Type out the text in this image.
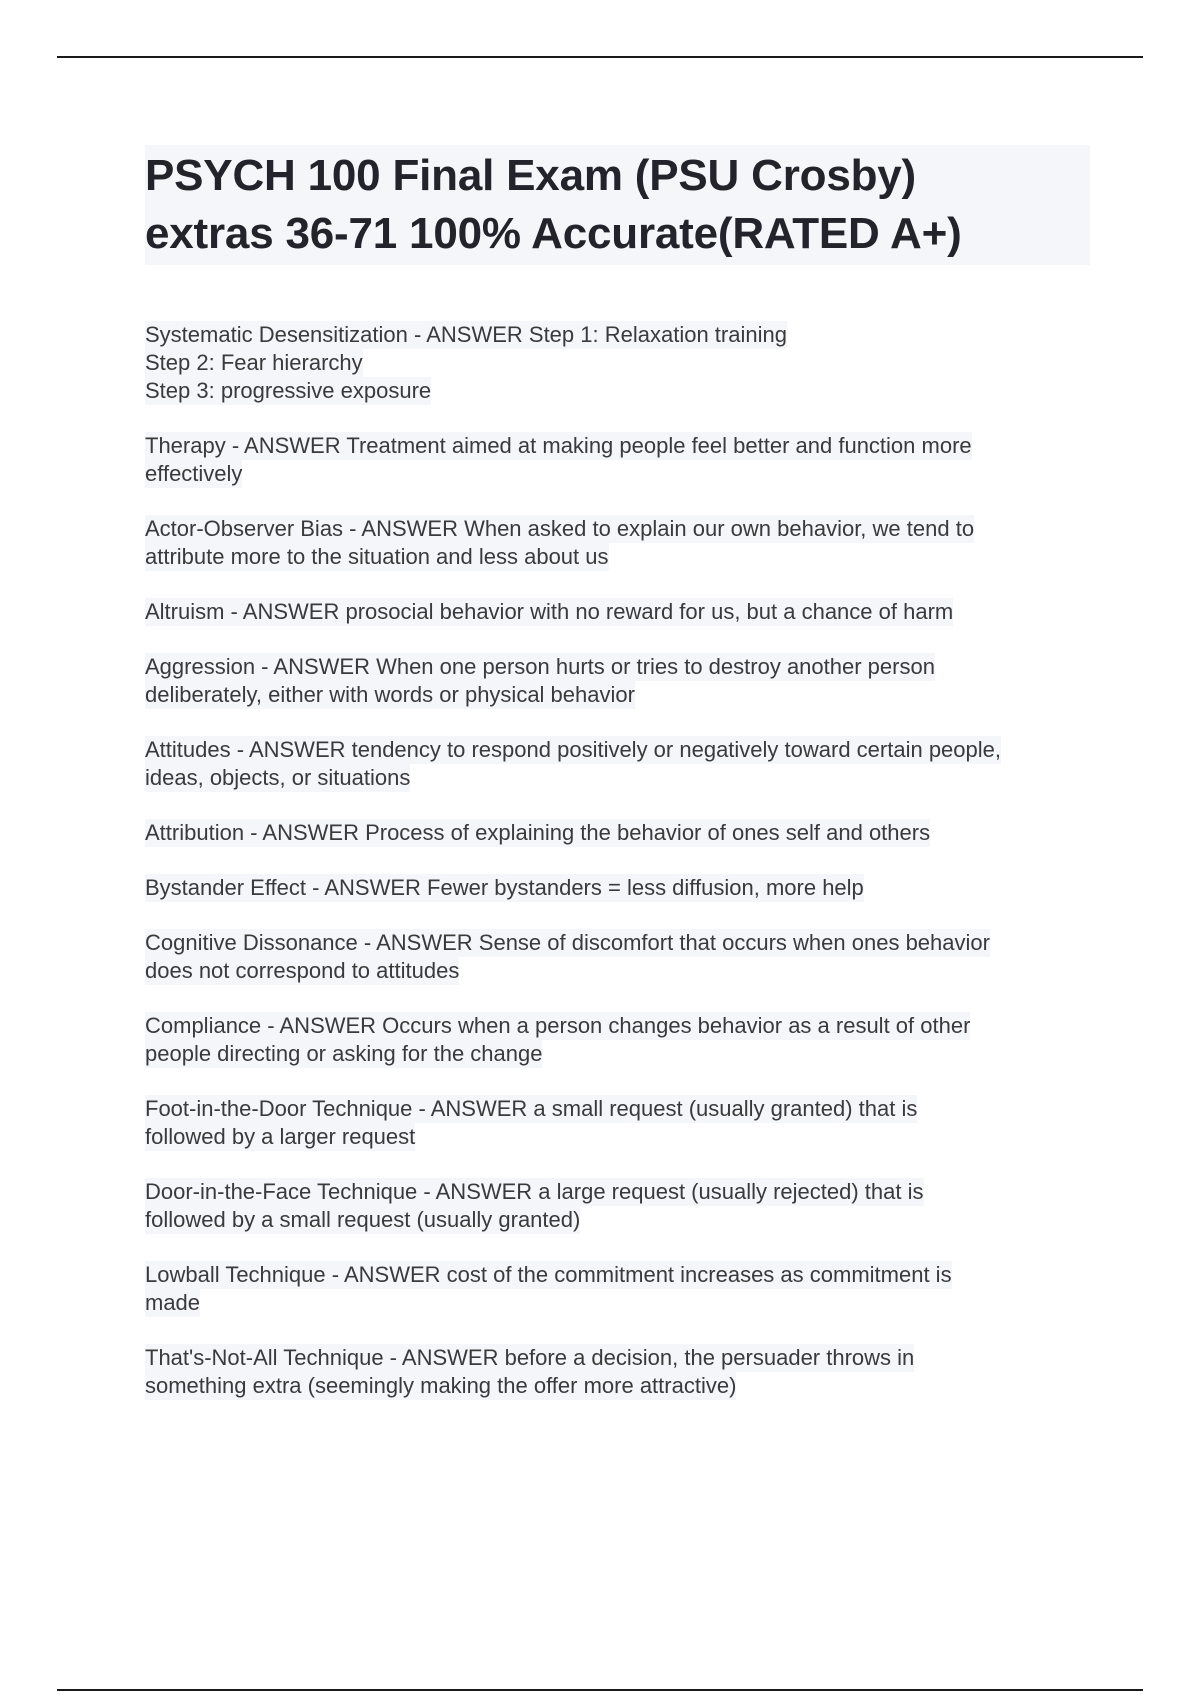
PSYCH 100 Final Exam (PSU Crosby)
extras 36-71 100% Accurate(RATED A+)
Systematic Desensitization - ANSWER Step 1: Relaxation training
Step 2: Fear hierarchy
Step 3: progressive exposure
Therapy - ANSWER Treatment aimed at making people feel better and function more
effectively
Actor-Observer Bias - ANSWER When asked to explain our own behavior, we tend to
attribute more to the situation and less about us
Altruism - ANSWER prosocial behavior with no reward for us, but a chance of harm
Aggression - ANSWER When one person hurts or tries to destroy another person
deliberately, either with words or physical behavior
Attitudes - ANSWER tendency to respond positively or negatively toward certain people,
ideas, objects, or situations
Attribution - ANSWER Process of explaining the behavior of ones self and others
Bystander Effect - ANSWER Fewer bystanders = less diffusion, more help
Cognitive Dissonance - ANSWER Sense of discomfort that occurs when ones behavior
does not correspond to attitudes
Compliance - ANSWER Occurs when a person changes behavior as a result of other
people directing or asking for the change
Foot-in-the-Door Technique - ANSWER a small request (usually granted) that is
followed by a larger request
Door-in-the-Face Technique - ANSWER a large request (usually rejected) that is
followed by a small request (usually granted)
Lowball Technique - ANSWER cost of the commitment increases as commitment is
made
That's-Not-All Technique - ANSWER before a decision, the persuader throws in
something extra (seemingly making the offer more attractive)
